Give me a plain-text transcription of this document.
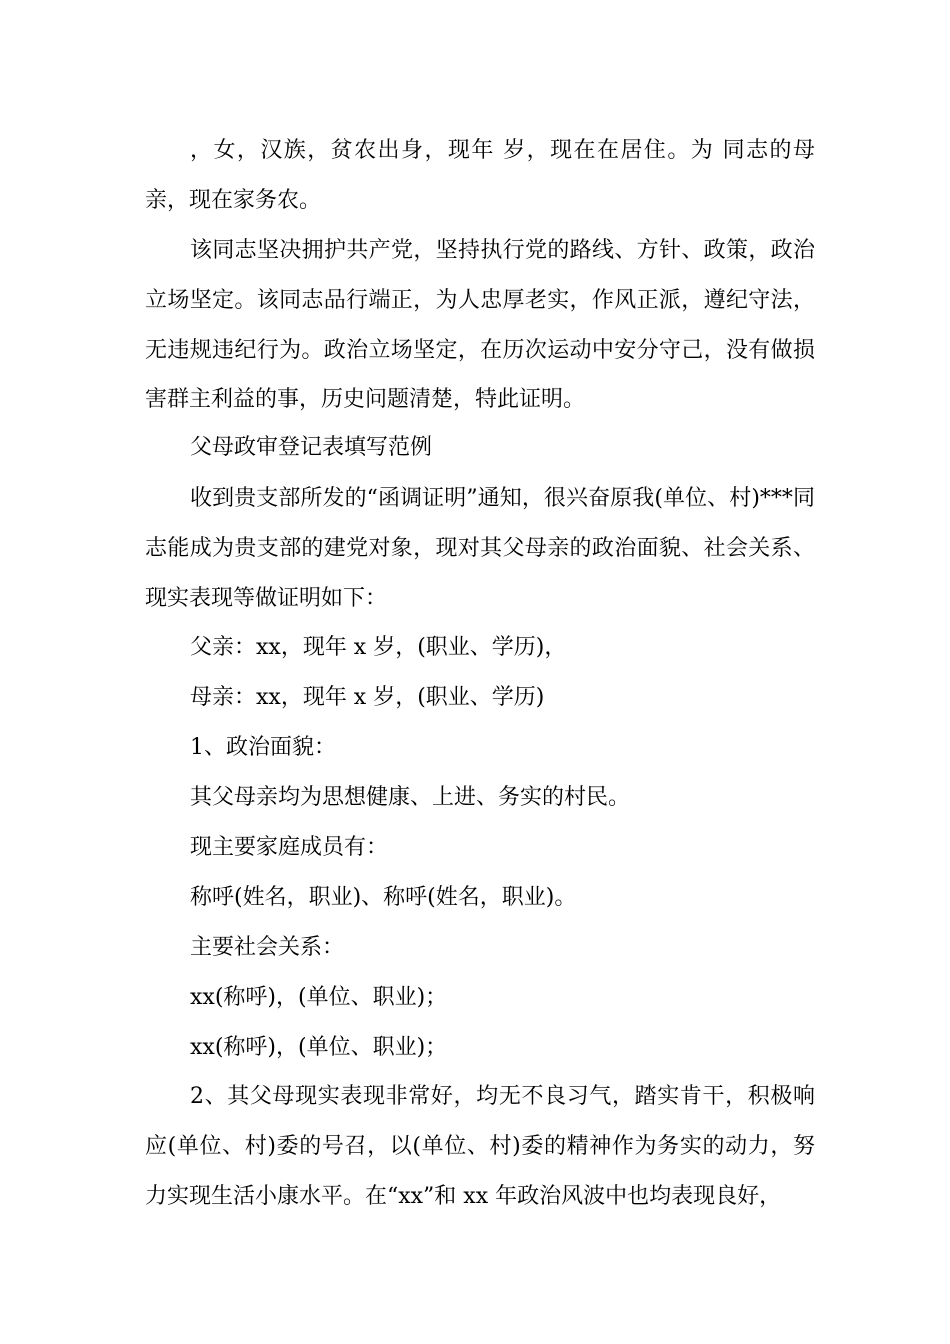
，女，汉族，贫农出身，现年 岁，现在在居住。为 同志的母亲，现在家务农。

该同志坚决拥护共产党，坚持执行党的路线、方针、政策，政治立场坚定。该同志品行端正，为人忠厚老实，作风正派，遵纪守法，无违规违纪行为。政治立场坚定，在历次运动中安分守己，没有做损害群主利益的事，历史问题清楚，特此证明。

父母政审登记表填写范例

收到贵支部所发的“函调证明”通知，很兴奋原我(单位、村)***同志能成为贵支部的建党对象，现对其父母亲的政治面貌、社会关系、现实表现等做证明如下：

父亲：xx，现年 x 岁，(职业、学历)，
母亲：xx，现年 x 岁，(职业、学历)
1、政治面貌：
其父母亲均为思想健康、上进、务实的村民。
现主要家庭成员有：
称呼(姓名，职业)、称呼(姓名，职业)。
主要社会关系：
xx(称呼)，(单位、职业)；
xx(称呼)，(单位、职业)；

2、其父母现实表现非常好，均无不良习气，踏实肯干，积极响应(单位、村)委的号召，以(单位、村)委的精神作为务实的动力，努力实现生活小康水平。在“xx”和 xx 年政治风波中也均表现良好，
